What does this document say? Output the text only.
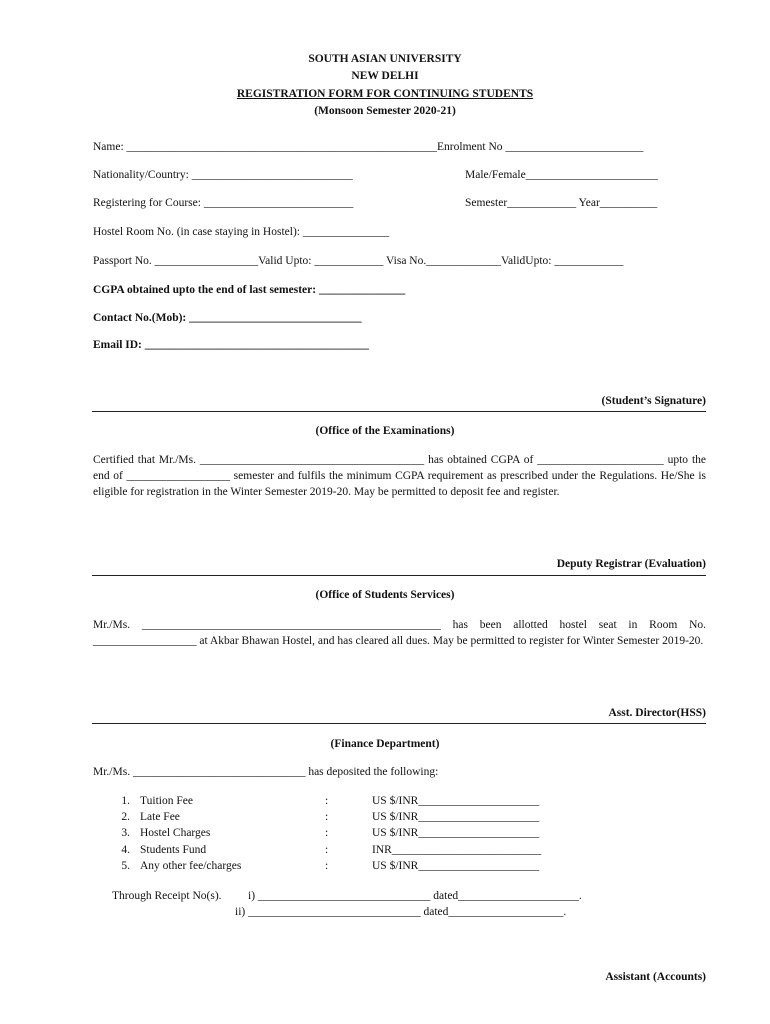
SOUTH ASIAN UNIVERSITY
NEW DELHI
REGISTRATION FORM FOR CONTINUING STUDENTS
(Monsoon Semester 2020-21)
Name: ______________________________________________________Enrolment No ________________________
Nationality/Country: ____________________________	Male/Female_______________________
Registering for Course: __________________________	Semester____________ Year__________
Hostel Room No. (in case staying in Hostel): _______________
Passport No. __________________Valid Upto: ____________ Visa No._____________ValidUpto: ____________
CGPA obtained upto the end of last semester: _______________
Contact No.(Mob): ______________________________
Email ID: _______________________________________
(Student’s Signature)
(Office of the Examinations)
Certified that Mr./Ms. _______________________________________ has obtained CGPA of ______________________ upto the end of __________________ semester and fulfils the minimum CGPA requirement as prescribed under the Regulations. He/She is eligible for registration in the Winter Semester 2019-20. May be permitted to deposit fee and register.
Deputy Registrar (Evaluation)
(Office of Students Services)
Mr./Ms. ____________________________________________________ has been allotted hostel seat in Room No. __________________ at Akbar Bhawan Hostel, and has cleared all dues. May be permitted to register for Winter Semester 2019-20.
Asst. Director(HSS)
(Finance Department)
Mr./Ms. ______________________________ has deposited the following:
1. Tuition Fee	:	US $/INR_____________________
2. Late Fee	:	US $/INR_____________________
3. Hostel Charges	:	US $/INR_____________________
4. Students Fund	:	INR__________________________
5. Any other fee/charges	:	US $/INR_____________________
Through Receipt No(s). i) ______________________________ dated_____________________.
ii) ______________________________ dated____________________.
Assistant (Accounts)
